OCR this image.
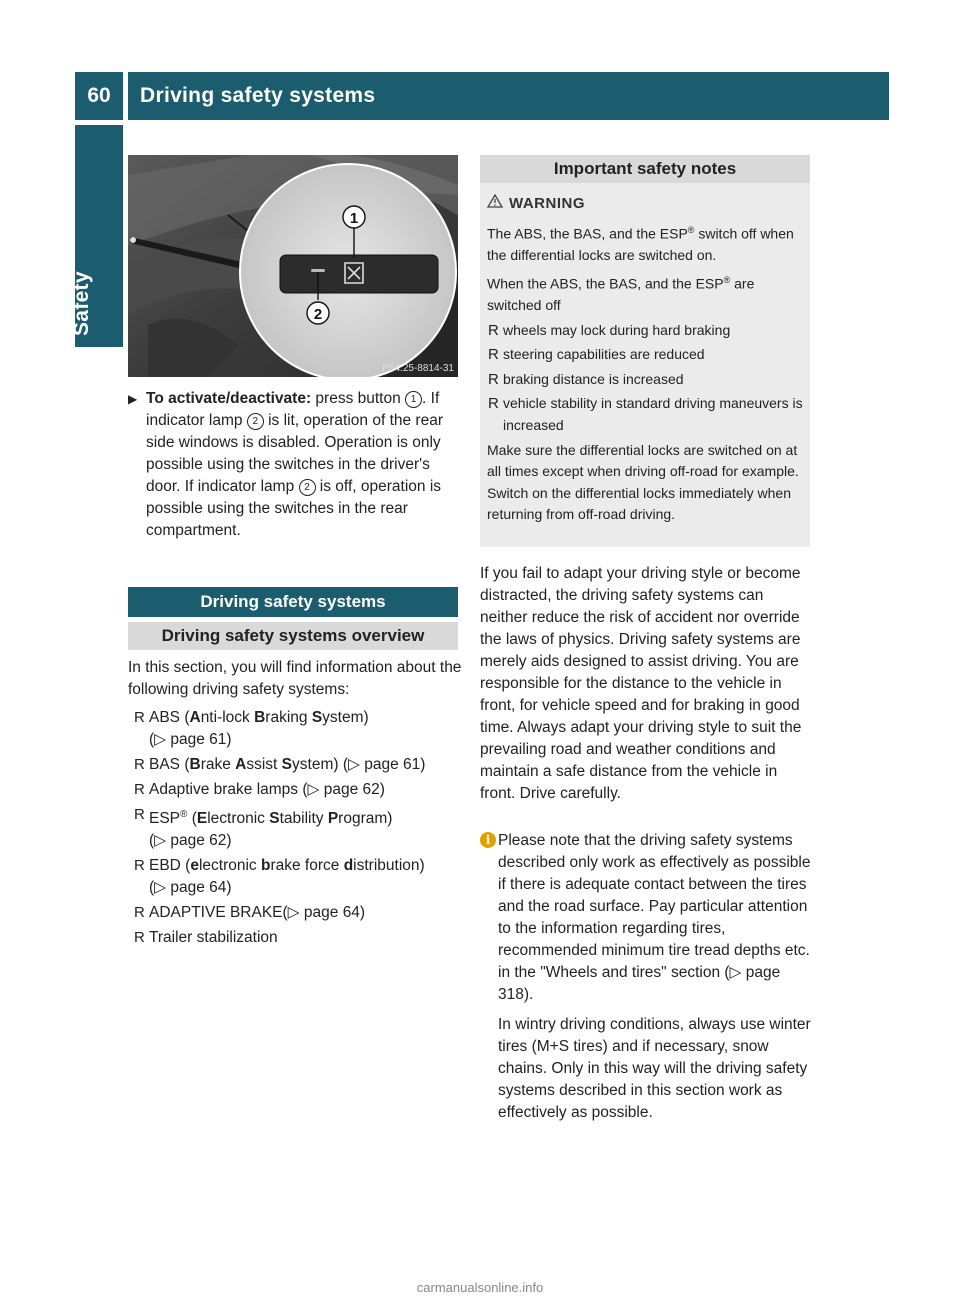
60	Driving safety systems
Safety
1
2
P54.25-8814-31
▶ To activate/deactivate: press button 1 . If indicator lamp 2 is lit, operation of the rear side windows is disabled. Operation is only possible using the switches in the driver's door. If indicator lamp 2 is off, operation is possible using the switches in the rear compartment.
Driving safety systems
Driving safety systems overview
In this section, you will find information about the following driving safety systems:
R ABS (Anti-lock Braking System)
(▷ page 61)
R BAS (Brake Assist System) (▷ page 61)
R Adaptive brake lamps (▷ page 62)
R ESP® (Electronic Stability Program)
(▷ page 62)
R EBD (electronic brake force distribution)
(▷ page 64)
R ADAPTIVE BRAKE(▷ page 64)
R Trailer stabilization
Important safety notes
WARNING

The ABS, the BAS, and the ESP® switch off when the differential locks are switched on.

When the ABS, the BAS, and the ESP® are switched off

R wheels may lock during hard braking
R steering capabilities are reduced
R braking distance is increased
R vehicle stability in standard driving maneuvers is increased

Make sure the differential locks are switched on at all times except when driving off-road for example. Switch on the differential locks immediately when returning from off-road driving.

If you fail to adapt your driving style or become distracted, the driving safety systems can neither reduce the risk of accident nor override the laws of physics. Driving safety systems are merely aids designed to assist driving. You are responsible for the distance to the vehicle in front, for vehicle speed and for braking in good time. Always adapt your driving style to suit the prevailing road and weather conditions and maintain a safe distance from the vehicle in front. Drive carefully.
i Please note that the driving safety systems described only work as effectively as possible if there is adequate contact between the tires and the road surface. Pay particular attention to the information regarding tires, recommended minimum tire tread depths etc. in the "Wheels and tires" section (▷ page 318).

In wintry driving conditions, always use winter tires (M+S tires) and if necessary, snow chains. Only in this way will the driving safety systems described in this section work as effectively as possible.

carmanualsonline.info
